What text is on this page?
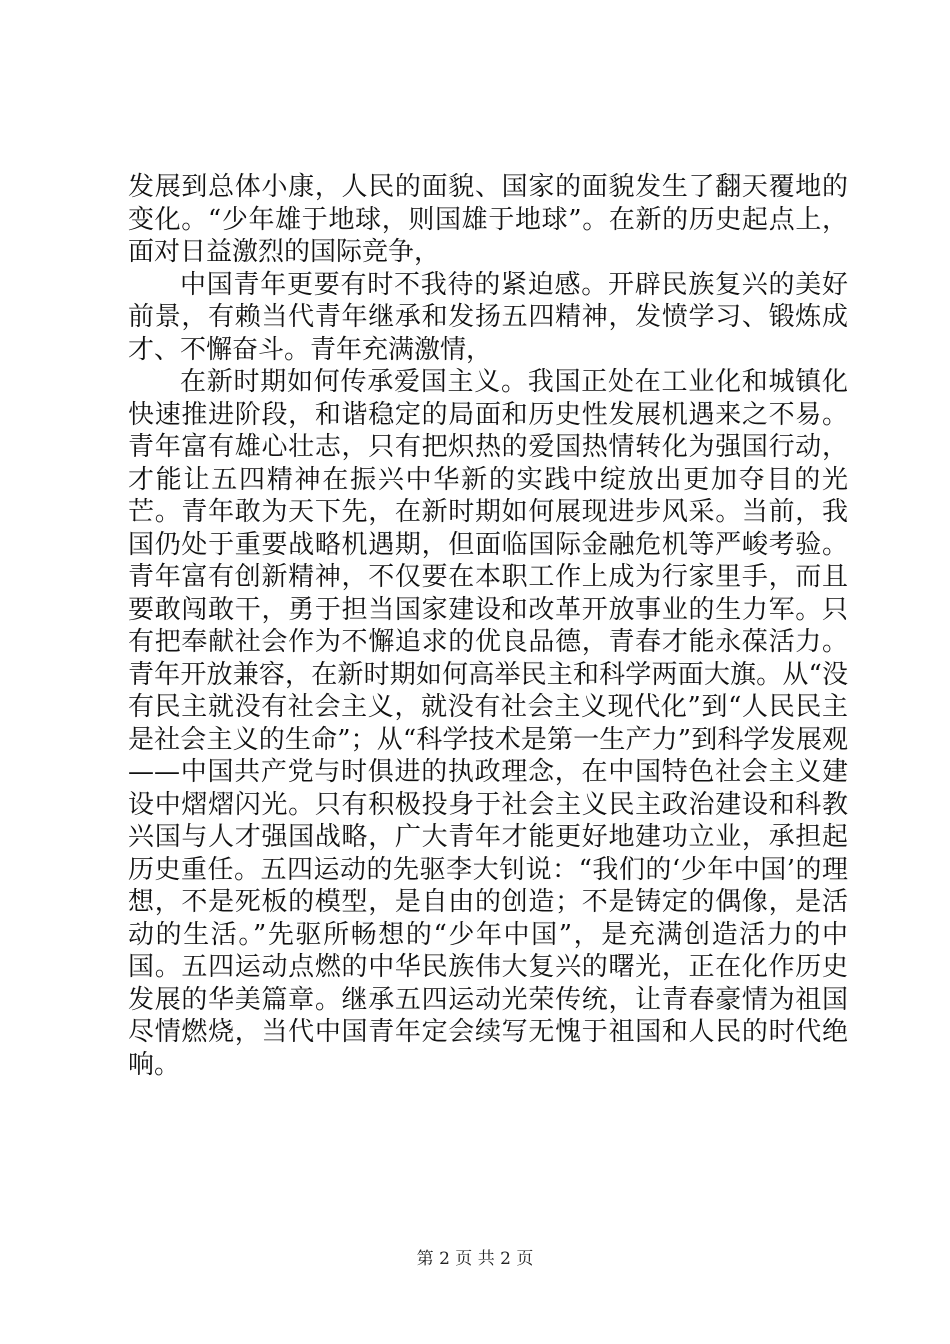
发展到总体小康，人民的面貌、国家的面貌发生了翻天覆地的变化。“少年雄于地球，则国雄于地球”。在新的历史起点上，面对日益激烈的国际竞争，

中国青年更要有时不我待的紧迫感。开辟民族复兴的美好前景，有赖当代青年继承和发扬五四精神，发愤学习、锻炼成才、不懈奋斗。青年充满激情，

在新时期如何传承爱国主义。我国正处在工业化和城镇化快速推进阶段，和谐稳定的局面和历史性发展机遇来之不易。青年富有雄心壮志，只有把炽热的爱国热情转化为强国行动，才能让五四精神在振兴中华新的实践中绽放出更加夺目的光芒。青年敢为天下先，在新时期如何展现进步风采。当前，我国仍处于重要战略机遇期，但面临国际金融危机等严峻考验。青年富有创新精神，不仅要在本职工作上成为行家里手，而且要敢闯敢干，勇于担当国家建设和改革开放事业的生力军。只有把奉献社会作为不懈追求的优良品德，青春才能永葆活力。青年开放兼容，在新时期如何高举民主和科学两面大旗。从“没有民主就没有社会主义，就没有社会主义现代化”到“人民民主是社会主义的生命”；从“科学技术是第一生产力”到科学发展观——中国共产党与时俱进的执政理念，在中国特色社会主义建设中熠熠闪光。只有积极投身于社会主义民主政治建设和科教兴国与人才强国战略，广大青年才能更好地建功立业，承担起历史重任。五四运动的先驱李大钊说：“我们的‘少年中国’的理想，不是死板的模型，是自由的创造；不是铸定的偶像，是活动的生活。”先驱所畅想的“少年中国”，是充满创造活力的中国。五四运动点燃的中华民族伟大复兴的曙光，正在化作历史发展的华美篇章。继承五四运动光荣传统，让青春豪情为祖国尽情燃烧，当代中国青年定会续写无愧于祖国和人民的时代绝响。

第 2 页 共 2 页
